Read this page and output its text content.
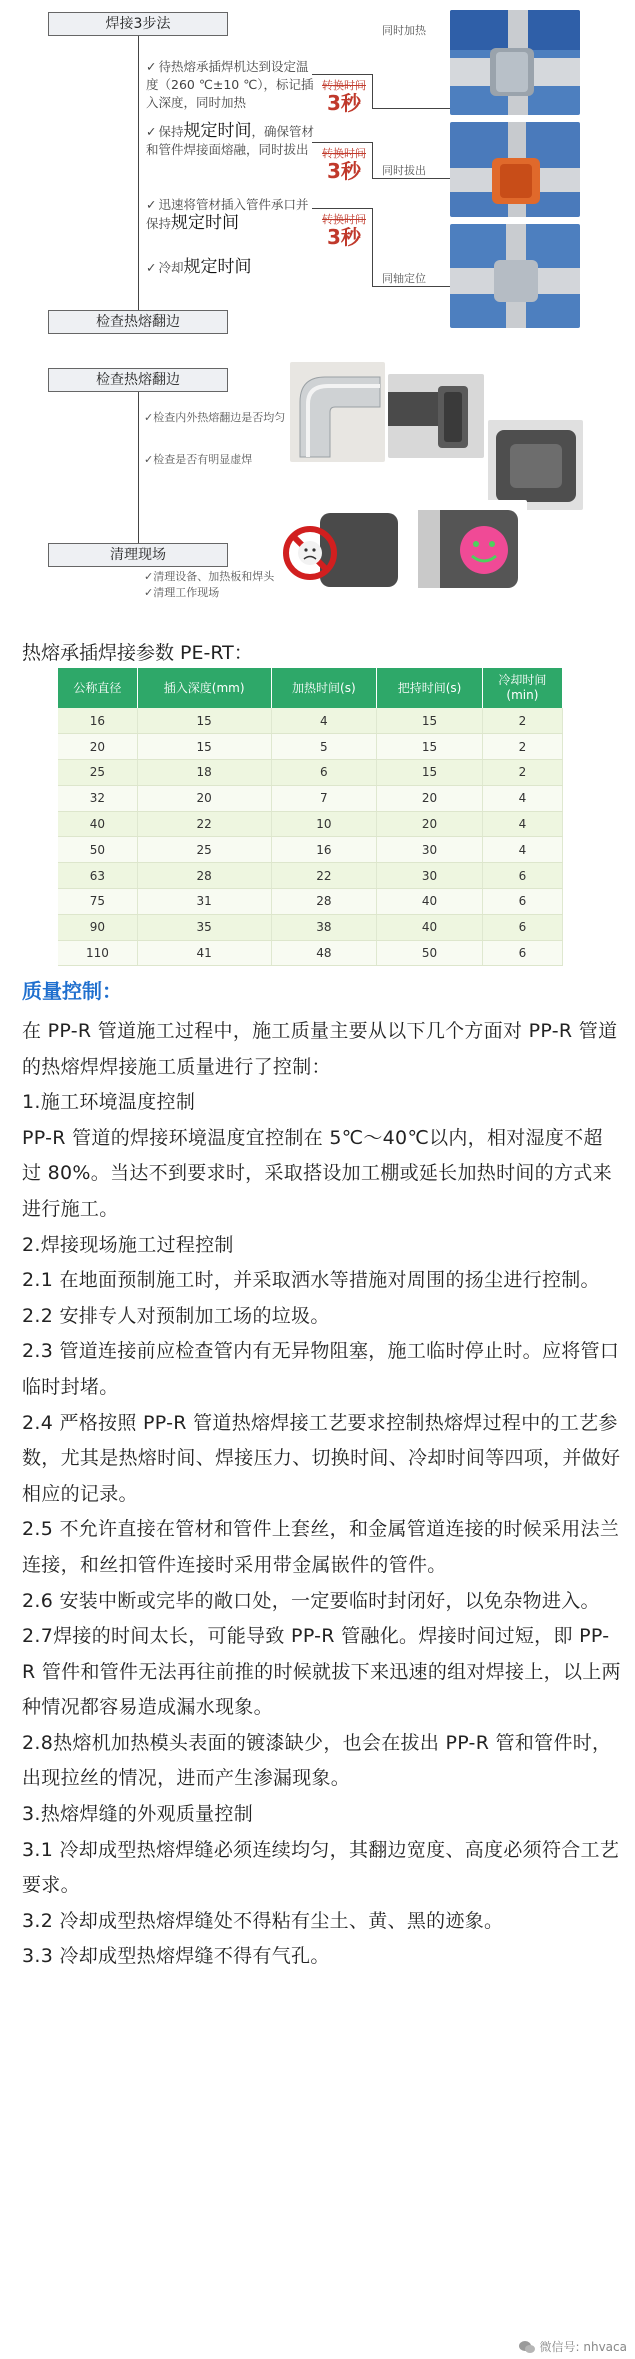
焊接3步法
✓ 待热熔承插焊机达到设定温度（260 ℃±10 ℃），标记插入深度，同时加热
✓ 保持规定时间，确保管材和管件焊接面熔融，同时拔出
✓ 迅速将管材插入管件承口并保持规定时间
✓ 冷却规定时间
检查热熔翻边
转换时间
3秒
转换时间
3秒
转换时间
3秒
同时加热
同时拔出
同轴定位
检查热熔翻边
✓检查内外热熔翻边是否均匀
✓检查是否有明显虚焊
清理现场
✓清理设备、加热板和焊头
✓清理工作现场
热熔承插焊接参数 PE-RT：
公称直径	插入深度(mm)	加热时间(s)	把持时间(s)	冷却时间
(min)

16	15	4	15	2
20	15	5	15	2
25	18	6	15	2
32	20	7	20	4
40	22	10	20	4
50	25	16	30	4
63	28	22	30	6
75	31	28	40	6
90	35	38	40	6
110	41	48	50	6
质量控制：

在 PP-R 管道施工过程中，施工质量主要从以下几个方面对 PP-R 管道的热熔焊焊接施工质量进行了控制：

1.施工环境温度控制

PP-R 管道的焊接环境温度宜控制在 5℃～40℃以内，相对湿度不超过 80%。当达不到要求时，采取搭设加工棚或延长加热时间的方式来进行施工。

2.焊接现场施工过程控制

2.1 在地面预制施工时，并采取洒水等措施对周围的扬尘进行控制。

2.2 安排专人对预制加工场的垃圾。

2.3 管道连接前应检查管内有无异物阻塞，施工临时停止时。应将管口临时封堵。

2.4 严格按照 PP-R 管道热熔焊接工艺要求控制热熔焊过程中的工艺参数，尤其是热熔时间、焊接压力、切换时间、冷却时间等四项，并做好相应的记录。

2.5 不允许直接在管材和管件上套丝，和金属管道连接的时候采用法兰连接，和丝扣管件连接时采用带金属嵌件的管件。

2.6 安装中断或完毕的敞口处，一定要临时封闭好，以免杂物进入。

2.7焊接的时间太长，可能导致 PP-R 管融化。焊接时间过短，即 PP-R 管件和管件无法再往前推的时候就拔下来迅速的组对焊接上，以上两种情况都容易造成漏水现象。

2.8热熔机加热模头表面的镀漆缺少，也会在拔出 PP-R 管和管件时，出现拉丝的情况，进而产生渗漏现象。

3.热熔焊缝的外观质量控制

3.1 冷却成型热熔焊缝必须连续均匀，其翻边宽度、高度必须符合工艺要求。

3.2 冷却成型热熔焊缝处不得粘有尘土、黄、黑的迹象。

3.3 冷却成型热熔焊缝不得有气孔。

微信号: nhvaca
